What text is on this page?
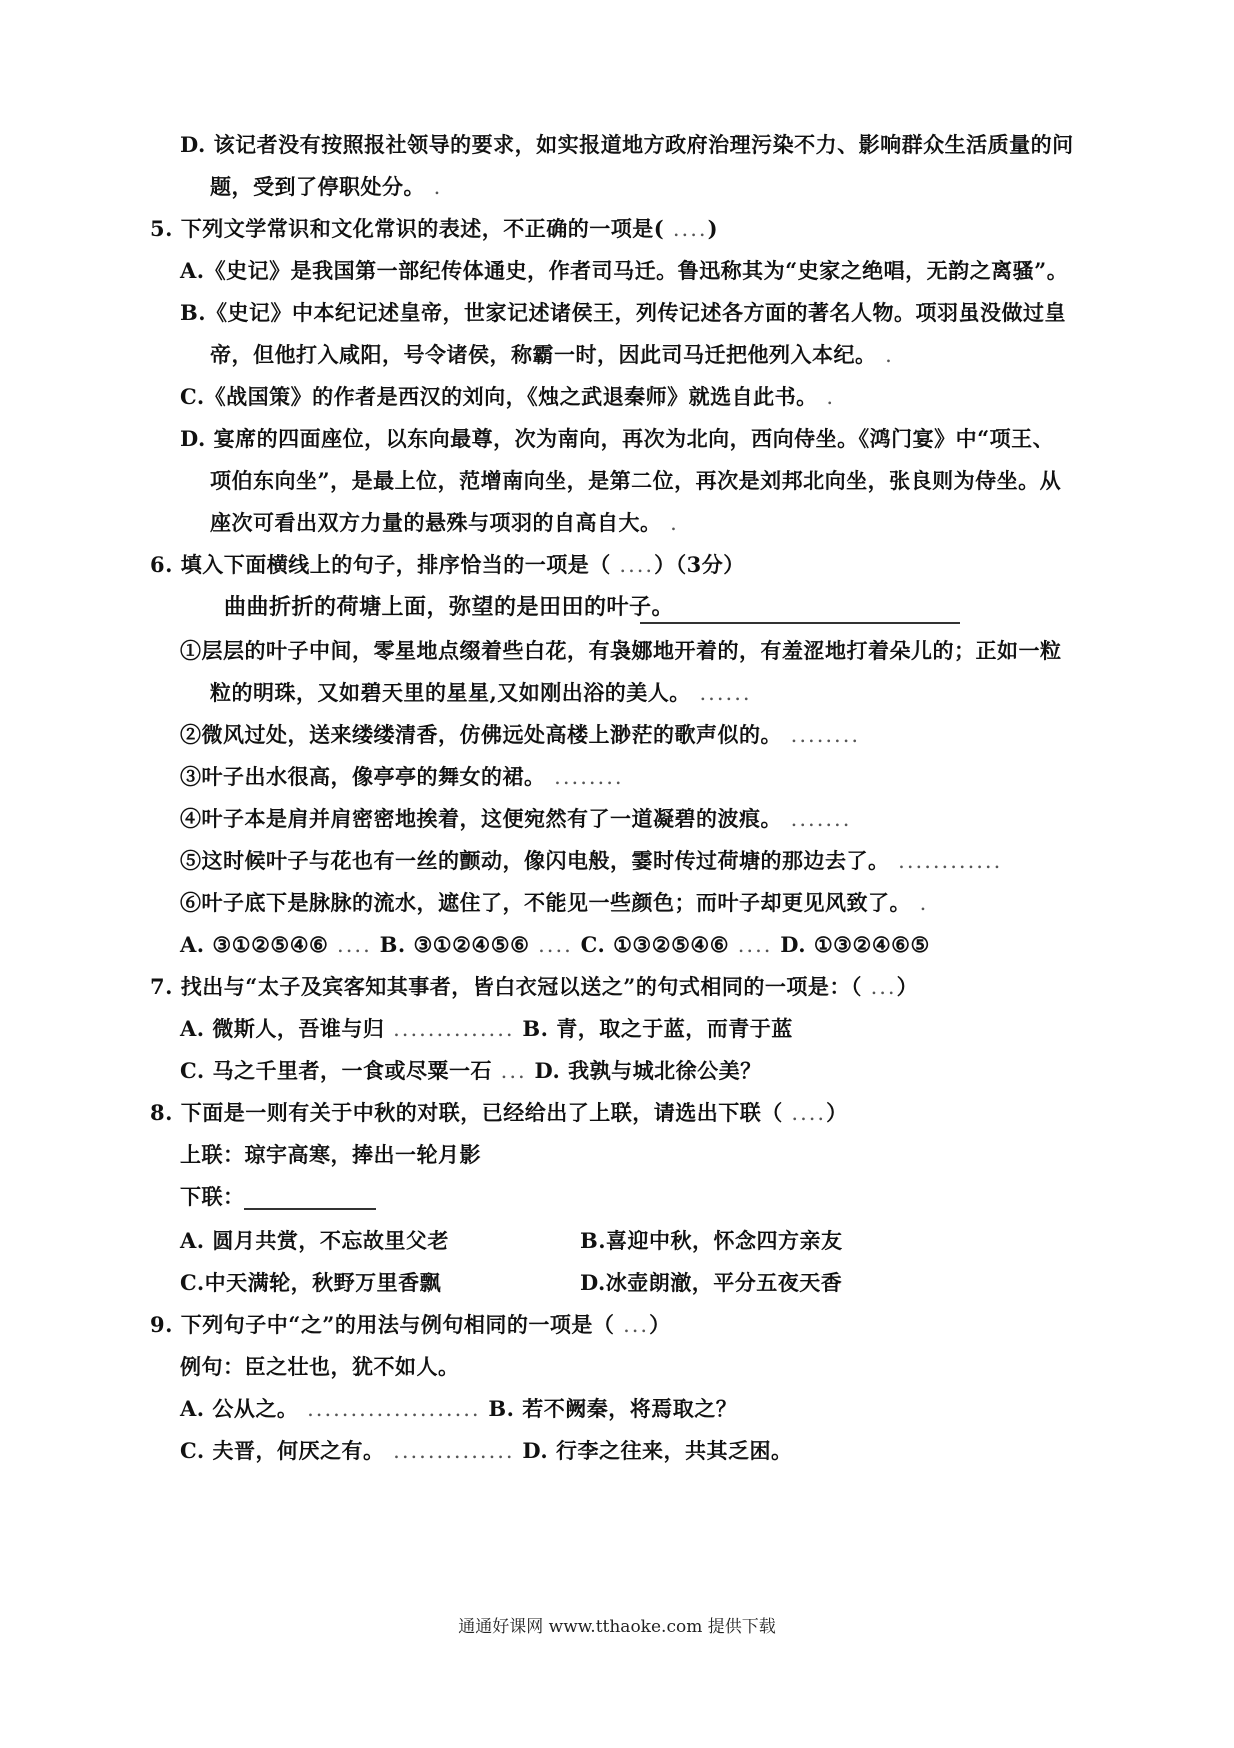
D. 该记者没有按照报社领导的要求，如实报道地方政府治理污染不力、影响群众生活质量的问
题，受到了停职处分。 .
5. 下列文学常识和文化常识的表述，不正确的一项是( ....)
A.《史记》是我国第一部纪传体通史，作者司马迁。鲁迅称其为“史家之绝唱，无韵之离骚”。
B.《史记》中本纪记述皇帝，世家记述诸侯王，列传记述各方面的著名人物。项羽虽没做过皇
帝，但他打入咸阳，号令诸侯，称霸一时，因此司马迁把他列入本纪。 .
C.《战国策》的作者是西汉的刘向，《烛之武退秦师》就选自此书。 .
D. 宴席的四面座位，以东向最尊，次为南向，再次为北向，西向侍坐。《鸿门宴》中“项王、
项伯东向坐”，是最上位，范增南向坐，是第二位，再次是刘邦北向坐，张良则为侍坐。从
座次可看出双方力量的悬殊与项羽的自高自大。 .
6. 填入下面横线上的句子，排序恰当的一项是（ ....）（3分）
曲曲折折的荷塘上面，弥望的是田田的叶子。
①层层的叶子中间，零星地点缀着些白花，有袅娜地开着的，有羞涩地打着朵儿的；正如一粒
粒的明珠，又如碧天里的星星,又如刚出浴的美人。 ......
②微风过处，送来缕缕清香，仿佛远处高楼上渺茫的歌声似的。 ........
③叶子出水很高，像亭亭的舞女的裙。 ........
④叶子本是肩并肩密密地挨着，这便宛然有了一道凝碧的波痕。 .......
⑤这时候叶子与花也有一丝的颤动，像闪电般，霎时传过荷塘的那边去了。 ............
⑥叶子底下是脉脉的流水，遮住了，不能见一些颜色；而叶子却更见风致了。 .
A. ③①②⑤④⑥ .... B. ③①②④⑤⑥ .... C. ①③②⑤④⑥ .... D. ①③②④⑥⑤
7. 找出与“太子及宾客知其事者，皆白衣冠以送之”的句式相同的一项是：（ ...）
A. 微斯人，吾谁与归 .............. B. 青，取之于蓝，而青于蓝
C. 马之千里者，一食或尽粟一石 ... D. 我孰与城北徐公美？
8. 下面是一则有关于中秋的对联，已经给出了上联，请选出下联（ ....）
上联：琼宇高寒，捧出一轮月影
下联：
A. 圆月共赏，不忘故里父老	B.喜迎中秋，怀念四方亲友
C.中天满轮，秋野万里香飘	D.冰壶朗澈，平分五夜天香
9. 下列句子中“之”的用法与例句相同的一项是（ ...）
例句：臣之壮也，犹不如人。
A. 公从之。 .................... B. 若不阙秦，将焉取之？
C. 夫晋，何厌之有。 .............. D. 行李之往来，共其乏困。
通通好课网 www.tthaoke.com 提供下载
